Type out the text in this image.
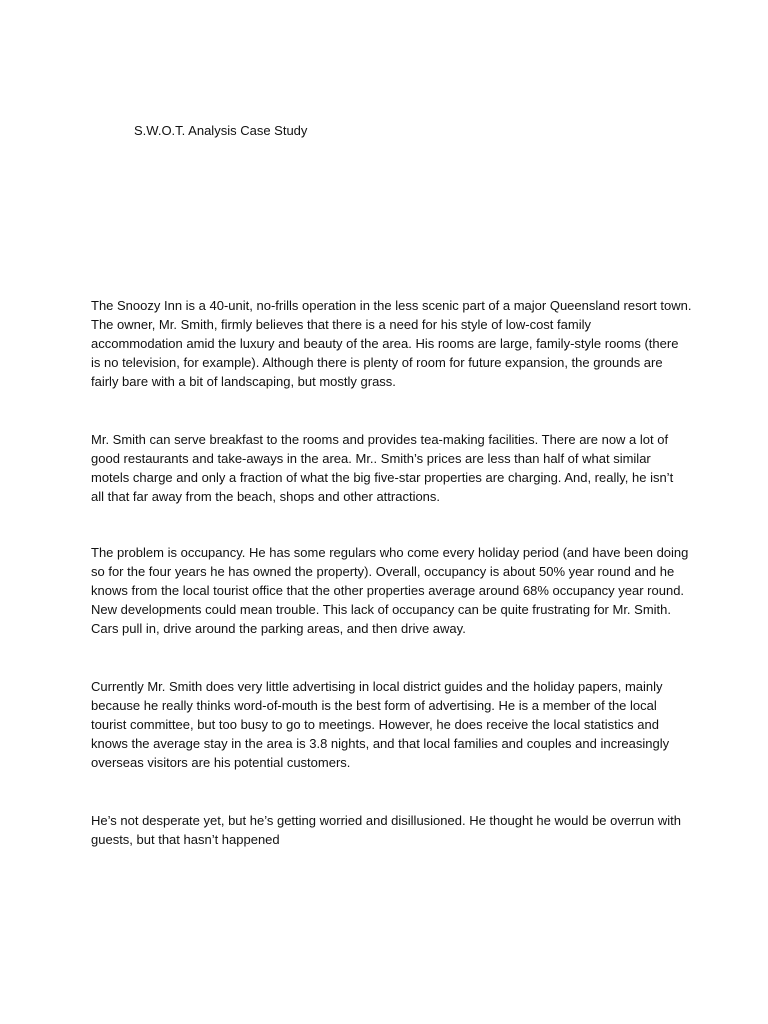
S.W.O.T. Analysis Case Study
The Snoozy Inn is a 40-unit, no-frills operation in the less scenic part of a major Queensland resort town.
The owner, Mr. Smith, firmly believes that there is a need for his style of low-cost family
accommodation amid the luxury and beauty of the area. His rooms are large, family-style rooms (there
is no television, for example). Although there is plenty of room for future expansion, the grounds are
fairly bare with a bit of landscaping, but mostly grass.
Mr. Smith can serve breakfast to the rooms and provides tea-making facilities. There are now a lot of
good restaurants and take-aways in the area. Mr.. Smith’s prices are less than half of what similar
motels charge and only a fraction of what the big five-star properties are charging. And, really, he isn’t
all that far away from the beach, shops and other attractions.
The problem is occupancy. He has some regulars who come every holiday period (and have been doing
so for the four years he has owned the property). Overall, occupancy is about 50% year round and he
knows from the local tourist office that the other properties average around 68% occupancy year round.
New developments could mean trouble. This lack of occupancy can be quite frustrating for Mr. Smith.
Cars pull in, drive around the parking areas, and then drive away.
Currently Mr. Smith does very little advertising in local district guides and the holiday papers, mainly
because he really thinks word-of-mouth is the best form of advertising. He is a member of the local
tourist committee, but too busy to go to meetings. However, he does receive the local statistics and
knows the average stay in the area is 3.8 nights, and that local families and couples and increasingly
overseas visitors are his potential customers.
He’s not desperate yet, but he’s getting worried and disillusioned. He thought he would be overrun with
guests, but that hasn’t happened
